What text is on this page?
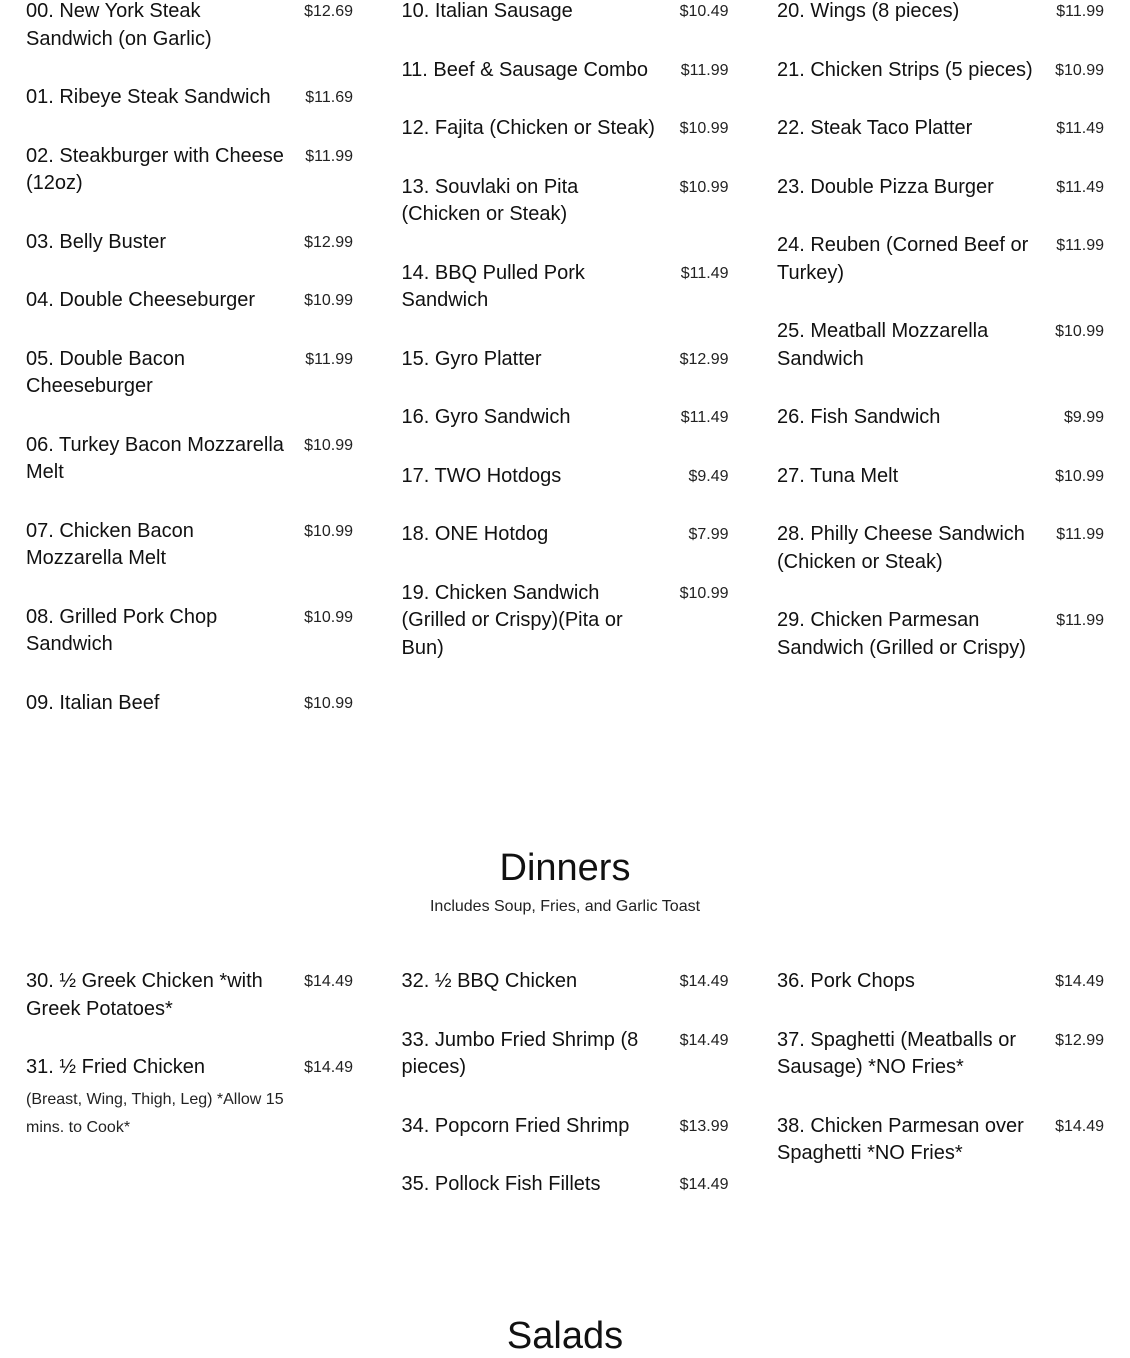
00. New York Steak Sandwich (on Garlic)
$12.69
01. Ribeye Steak Sandwich	$11.69
02. Steakburger with Cheese (12oz)
$11.99
03. Belly Buster	$12.99
04. Double Cheeseburger	$10.99
05. Double Bacon Cheeseburger
$11.99
06. Turkey Bacon Mozzarella Melt
$10.99
07. Chicken Bacon Mozzarella Melt
$10.99
08. Grilled Pork Chop Sandwich
$10.99
09. Italian Beef	$10.99
10. Italian Sausage	$10.49
11. Beef & Sausage Combo	$11.99
12. Fajita (Chicken or Steak)	$10.99
13. Souvlaki on Pita (Chicken or Steak)
$10.99
14. BBQ Pulled Pork Sandwich
$11.49
15. Gyro Platter	$12.99
16. Gyro Sandwich	$11.49
17. TWO Hotdogs	$9.49
18. ONE Hotdog	$7.99
19. Chicken Sandwich (Grilled or Crispy)(Pita or Bun)
$10.99
20. Wings (8 pieces)	$11.99
21. Chicken Strips (5 pieces) $10.99
22. Steak Taco Platter	$11.49
23. Double Pizza Burger	$11.49
24. Reuben (Corned Beef or Turkey)
$11.99
25. Meatball Mozzarella Sandwich
$10.99
26. Fish Sandwich	$9.99
27. Tuna Melt	$10.99
28. Philly Cheese Sandwich (Chicken or Steak)
$11.99
29. Chicken Parmesan Sandwich (Grilled or Crispy)
$11.99
Dinners
Includes Soup, Fries, and Garlic Toast
30. ½ Greek Chicken *with Greek Potatoes*
$14.49
31. ½ Fried Chicken
(Breast, Wing, Thigh, Leg) *Allow 15 mins. to Cook*
$14.49
32. ½ BBQ Chicken	$14.49
33. Jumbo Fried Shrimp (8 pieces)
$14.49
34. Popcorn Fried Shrimp	$13.99
35. Pollock Fish Fillets	$14.49
36. Pork Chops	$14.49
37. Spaghetti (Meatballs or Sausage) *NO Fries*
$12.99
38. Chicken Parmesan over Spaghetti *NO Fries*
$14.49
Salads
